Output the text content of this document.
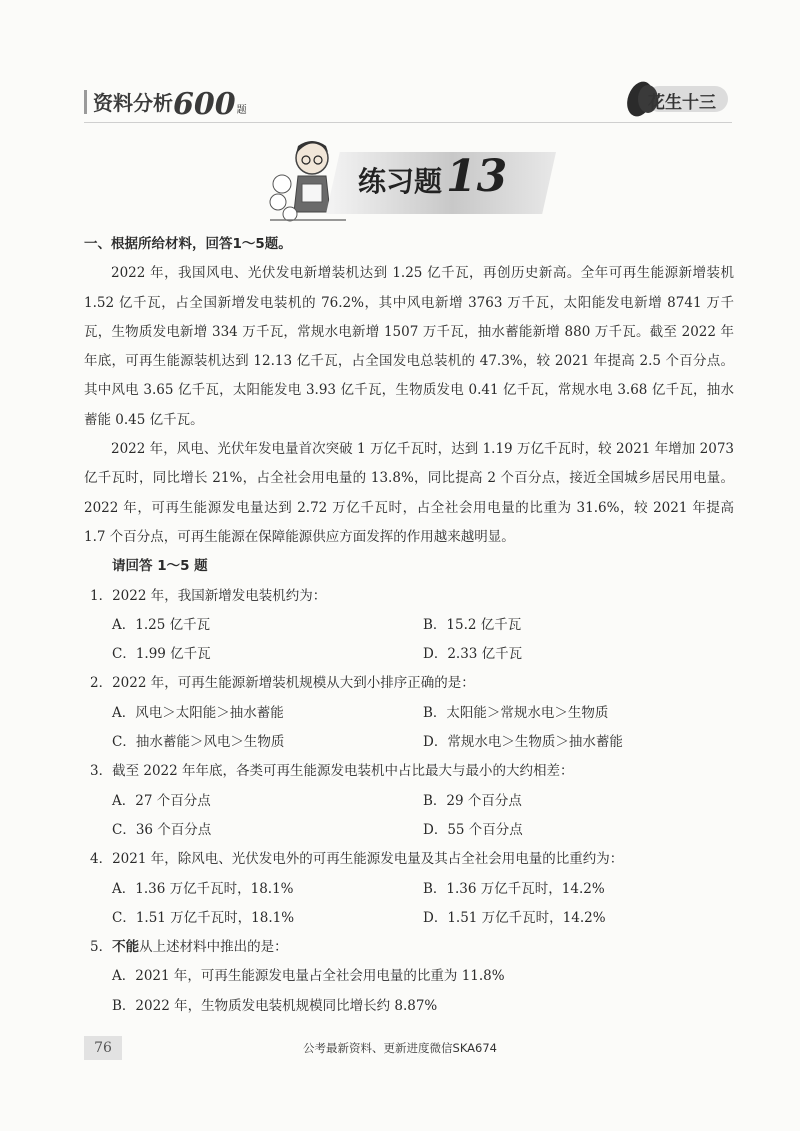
资料分析 600 题	花生十三
练习题13

一、根据所给材料，回答1～5题。

2022 年，我国风电、光伏发电新增装机达到 1.25 亿千瓦，再创历史新高。全年可再生能源新增装机 1.52 亿千瓦，占全国新增发电装机的 76.2%，其中风电新增 3763 万千瓦，太阳能发电新增 8741 万千瓦，生物质发电新增 334 万千瓦，常规水电新增 1507 万千瓦，抽水蓄能新增 880 万千瓦。截至 2022 年年底，可再生能源装机达到 12.13 亿千瓦，占全国发电总装机的 47.3%，较 2021 年提高 2.5 个百分点。其中风电 3.65 亿千瓦，太阳能发电 3.93 亿千瓦，生物质发电 0.41 亿千瓦，常规水电 3.68 亿千瓦，抽水蓄能 0.45 亿千瓦。

2022 年，风电、光伏年发电量首次突破 1 万亿千瓦时，达到 1.19 万亿千瓦时，较 2021 年增加 2073 亿千瓦时，同比增长 21%，占全社会用电量的 13.8%，同比提高 2 个百分点，接近全国城乡居民用电量。2022 年，可再生能源发电量达到 2.72 万亿千瓦时，占全社会用电量的比重为 31.6%，较 2021 年提高 1.7 个百分点，可再生能源在保障能源供应方面发挥的作用越来越明显。

请回答 1～5 题

1．2022 年，我国新增发电装机约为：

A．1.25 亿千瓦	B．15.2 亿千瓦
C．1.99 亿千瓦	D．2.33 亿千瓦

2．2022 年，可再生能源新增装机规模从大到小排序正确的是：

A．风电＞太阳能＞抽水蓄能	B．太阳能＞常规水电＞生物质
C．抽水蓄能＞风电＞生物质	D．常规水电＞生物质＞抽水蓄能

3．截至 2022 年年底，各类可再生能源发电装机中占比最大与最小的大约相差：

A．27 个百分点	B．29 个百分点
C．36 个百分点	D．55 个百分点

4．2021 年，除风电、光伏发电外的可再生能源发电量及其占全社会用电量的比重约为：

A．1.36 万亿千瓦时，18.1%	B．1.36 万亿千瓦时，14.2%
C．1.51 万亿千瓦时，18.1%	D．1.51 万亿千瓦时，14.2%

5．不能从上述材料中推出的是：

A．2021 年，可再生能源发电量占全社会用电量的比重为 11.8%
B．2022 年，生物质发电装机规模同比增长约 8.87%
76	公考最新资料、更新进度微信SKA674
